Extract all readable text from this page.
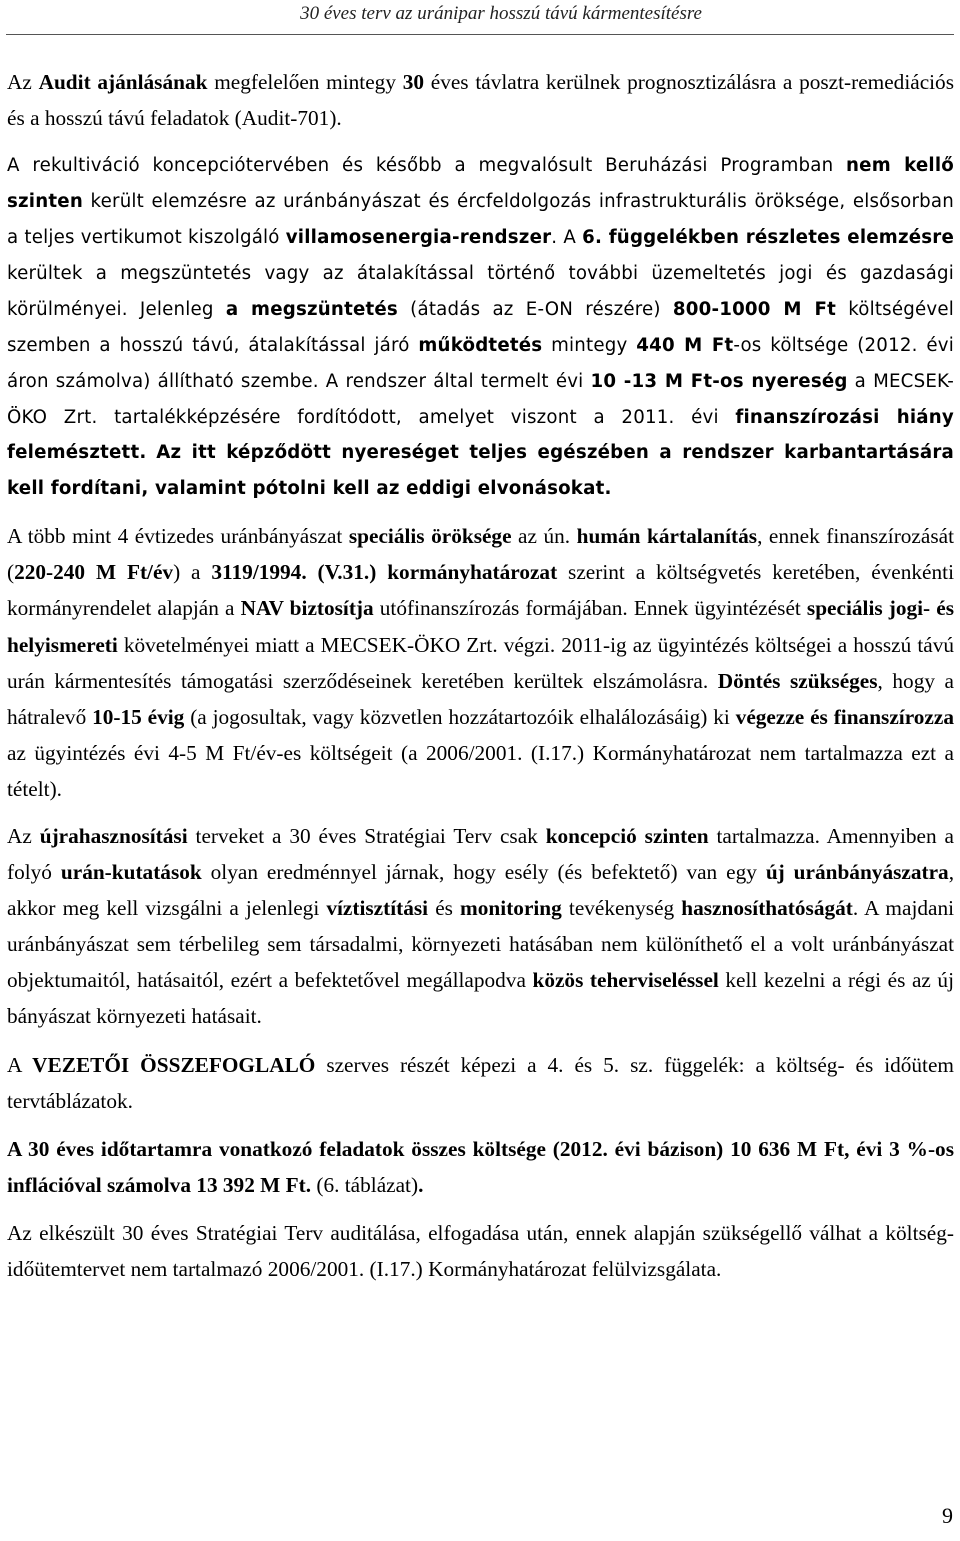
30 éves terv az uránipar hosszú távú kármentesítésre

Az Audit ajánlásának megfelelően mintegy 30 éves távlatra kerülnek prognosztizálásra a poszt-remediációs és a hosszú távú feladatok (Audit-701).

A rekultiváció koncepciótervében és később a megvalósult Beruházási Programban nem kellő szinten került elemzésre az uránbányászat és ércfeldolgozás infrastrukturális öröksége, elsősorban a teljes vertikumot kiszolgáló villamosenergia-rendszer. A 6. függelékben részletes elemzésre kerültek a megszüntetés vagy az átalakítással történő további üzemeltetés jogi és gazdasági körülményei. Jelenleg a megszüntetés (átadás az E-ON részére) 800-1000 M Ft költségével szemben a hosszú távú, átalakítással járó működtetés mintegy 440 M Ft-os költsége (2012. évi áron számolva) állítható szembe. A rendszer által termelt évi 10 -13 M Ft-os nyereség a MECSEK-ÖKO Zrt. tartalékképzésére fordítódott, amelyet viszont a 2011. évi finanszírozási hiány felemésztett. Az itt képződött nyereséget teljes egészében a rendszer karbantartására kell fordítani, valamint pótolni kell az eddigi elvonásokat.

A több mint 4 évtizedes uránbányászat speciális öröksége az ún. humán kártalanítás, ennek finanszírozását (220-240 M Ft/év) a 3119/1994. (V.31.) kormányhatározat szerint a költségvetés keretében, évenkénti kormányrendelet alapján a NAV biztosítja utófinanszírozás formájában. Ennek ügyintézését speciális jogi- és helyismereti követelményei miatt a MECSEK-ÖKO Zrt. végzi. 2011-ig az ügyintézés költségei a hosszú távú urán kármentesítés támogatási szerződéseinek keretében kerültek elszámolásra. Döntés szükséges, hogy a hátralevő 10-15 évig (a jogosultak, vagy közvetlen hozzátartozóik elhalálozásáig) ki végezze és finanszírozza az ügyintézés évi 4-5 M Ft/év-es költségeit (a 2006/2001. (I.17.) Kormányhatározat nem tartalmazza ezt a tételt).

Az újrahasznosítási terveket a 30 éves Stratégiai Terv csak koncepció szinten tartalmazza. Amennyiben a folyó urán-kutatások olyan eredménnyel járnak, hogy esély (és befektető) van egy új uránbányászatra, akkor meg kell vizsgálni a jelenlegi víztisztítási és monitoring tevékenység hasznosíthatóságát. A majdani uránbányászat sem térbelileg sem társadalmi, környezeti hatásában nem különíthető el a volt uránbányászat objektumaitól, hatásaitól, ezért a befektetővel megállapodva közös teherviseléssel kell kezelni a régi és az új bányászat környezeti hatásait.

A VEZETŐI ÖSSZEFOGLALÓ szerves részét képezi a 4. és 5. sz. függelék: a költség- és időütem tervtáblázatok.

A 30 éves időtartamra vonatkozó feladatok összes költsége (2012. évi bázison) 10 636 M Ft, évi 3 %-os inflációval számolva 13 392 M Ft. (6. táblázat).

Az elkészült 30 éves Stratégiai Terv auditálása, elfogadása után, ennek alapján szükségellő válhat a költség- időütemtervet nem tartalmazó 2006/2001. (I.17.) Kormányhatározat felülvizsgálata.

9
